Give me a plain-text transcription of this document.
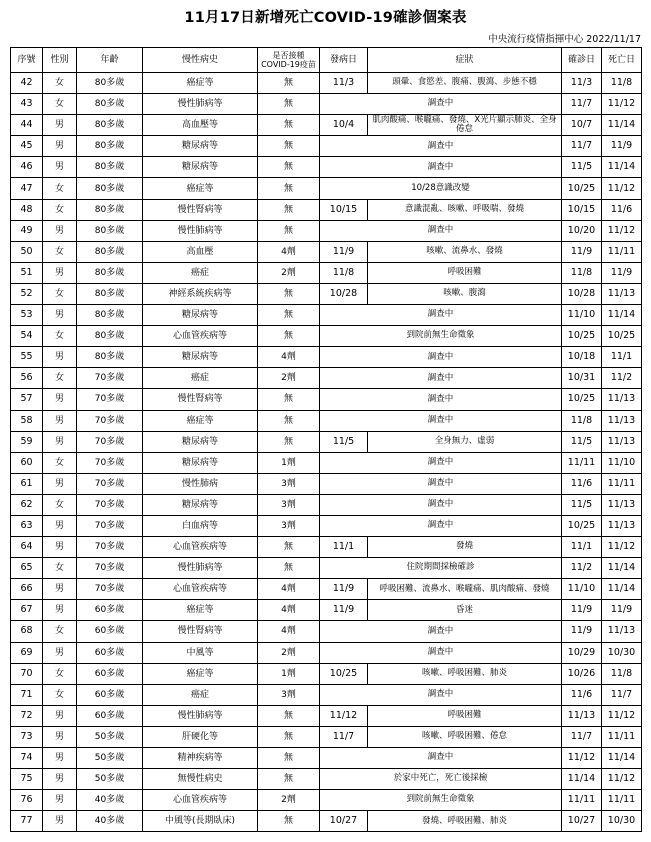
11月17日新增死亡COVID-19確診個案表
中央流行疫情指揮中心 2022/11/17
序號	性別	年齡	慢性病史	是否接種COVID-19疫苗	發病日	症狀	確診日	死亡日
42	女	80多歲	癌症等	無	11/3	頭暈、食慾差、腹痛、腹瀉、步態不穩	11/3	11/8
43	女	80多歲	慢性肺病等	無	調查中		11/7	11/12
44	男	80多歲	高血壓等	無	10/4	肌肉酸痛、喉嚨痛、發燒、X光片顯示肺炎、全身倦怠	10/7	11/14
45	男	80多歲	糖尿病等	無	調查中		11/7	11/9
46	男	80多歲	糖尿病等	無	調查中		11/5	11/14
47	女	80多歲	癌症等	無	10/28意識改變		10/25	11/12
48	女	80多歲	慢性腎病等	無	10/15	意識混亂、咳嗽、呼吸喘、發燒	10/15	11/6
49	男	80多歲	慢性肺病等	無	調查中		10/20	11/12
50	女	80多歲	高血壓	4劑	11/9	咳嗽、流鼻水、發燒	11/9	11/11
51	男	80多歲	癌症	2劑	11/8	呼吸困難	11/8	11/9
52	女	80多歲	神經系統疾病等	無	10/28	咳嗽、腹瀉	10/28	11/13
53	男	80多歲	糖尿病等	無	調查中		11/10	11/14
54	女	80多歲	心血管疾病等	無	到院前無生命徵象		10/25	10/25
55	男	80多歲	糖尿病等	4劑	調查中		10/18	11/1
56	女	70多歲	癌症	2劑	調查中		10/31	11/2
57	男	70多歲	慢性腎病等	無	調查中		10/25	11/13
58	男	70多歲	癌症等	無	調查中		11/8	11/13
59	男	70多歲	糖尿病等	無	11/5	全身無力、虛弱	11/5	11/13
60	女	70多歲	糖尿病等	1劑	調查中		11/11	11/10
61	男	70多歲	慢性肺病	3劑	調查中		11/6	11/11
62	女	70多歲	糖尿病等	3劑	調查中		11/5	11/13
63	男	70多歲	白血病等	3劑	調查中		10/25	11/13
64	男	70多歲	心血管疾病等	無	11/1	發燒	11/1	11/12
65	女	70多歲	慢性肺病等	無	住院期間採檢確診		11/2	11/14
66	男	70多歲	心血管疾病等	4劑	11/9	呼吸困難、流鼻水、喉嚨痛、肌肉酸痛、發燒	11/10	11/14
67	男	60多歲	癌症等	4劑	11/9	昏迷	11/9	11/9
68	女	60多歲	慢性腎病等	4劑	調查中		11/9	11/13
69	男	60多歲	中風等	2劑	調查中		10/29	10/30
70	女	60多歲	癌症等	1劑	10/25	咳嗽、呼吸困難、肺炎	10/26	11/8
71	女	60多歲	癌症	3劑	調查中		11/6	11/7
72	男	60多歲	慢性肺病等	無	11/12	呼吸困難	11/13	11/12
73	男	50多歲	肝硬化等	無	11/7	咳嗽、呼吸困難、倦怠	11/7	11/11
74	男	50多歲	精神疾病等	無	調查中		11/12	11/14
75	男	50多歲	無慢性病史	無	於家中死亡，死亡後採檢		11/14	11/12
76	男	40多歲	心血管疾病等	2劑	到院前無生命徵象		11/11	11/11
77	男	40多歲	中風等(長期臥床)	無	10/27	發燒、呼吸困難、肺炎	10/27	10/30
